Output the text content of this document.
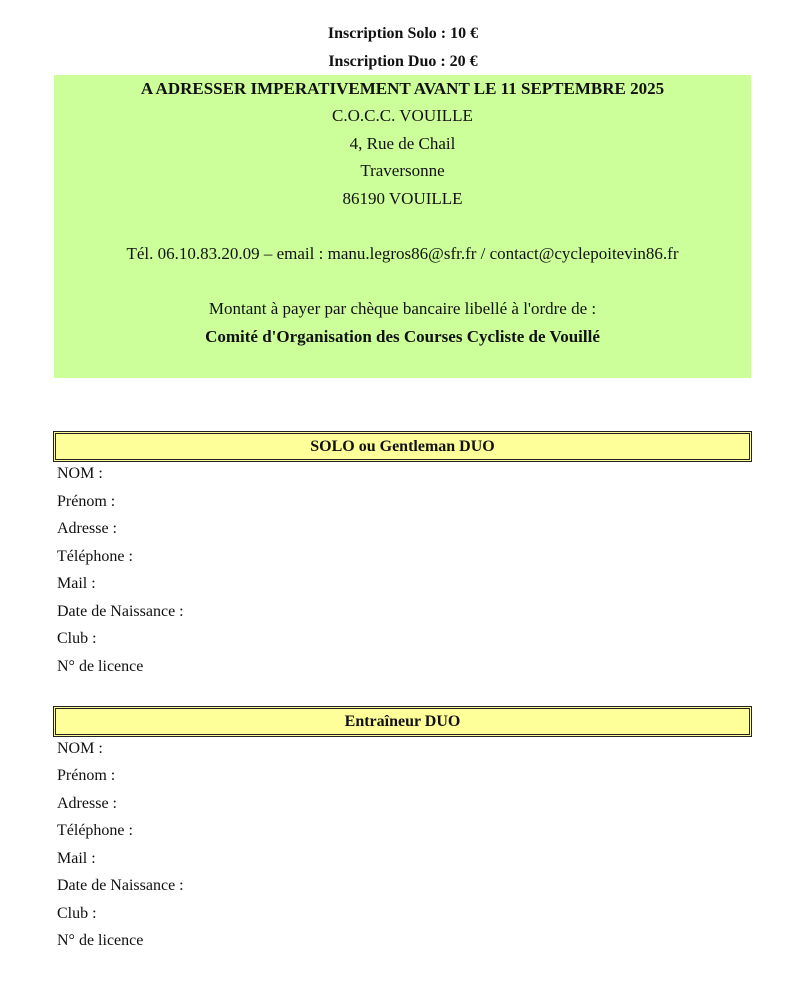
Inscription Solo : 10 €
Inscription Duo : 20 €
A ADRESSER IMPERATIVEMENT AVANT LE 11 SEPTEMBRE 2025
C.O.C.C. VOUILLE
4, Rue de Chail
Traversonne
86190 VOUILLE
Tél. 06.10.83.20.09 – email : manu.legros86@sfr.fr / contact@cyclepoitevin86.fr
Montant à payer par chèque bancaire libellé à l'ordre de :
Comité d'Organisation des Courses Cycliste de Vouillé
SOLO ou Gentleman DUO
NOM :
Prénom :
Adresse :
Téléphone :
Mail :
Date de Naissance :
Club :
N° de licence
Entraîneur DUO
NOM :
Prénom :
Adresse :
Téléphone :
Mail :
Date de Naissance :
Club :
N° de licence
